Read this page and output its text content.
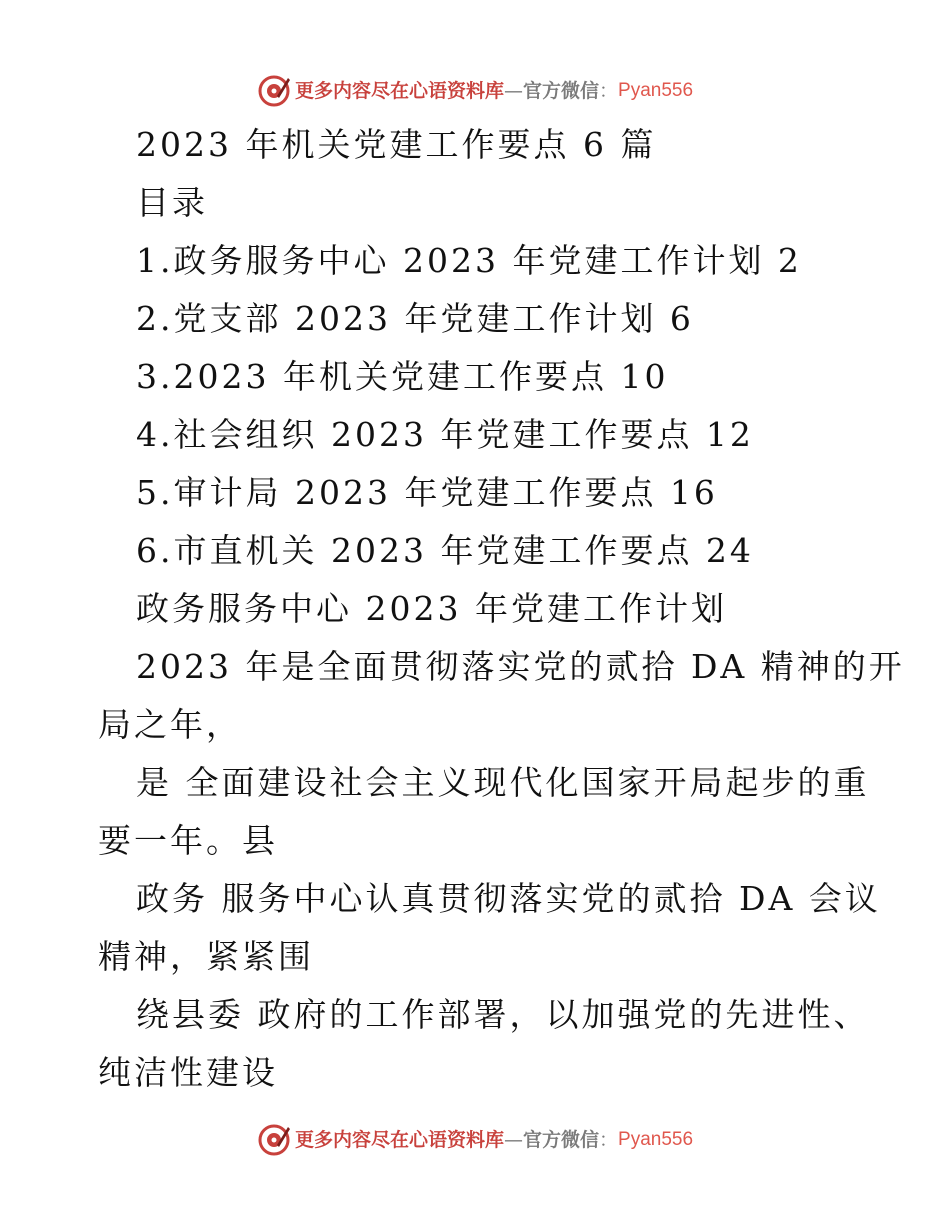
更多内容尽在心语资料库 — 官方微信 ： Pyan556
2023 年机关党建工作要点 6 篇
目录
1.政务服务中心 2023 年党建工作计划 2
2.党支部 2023 年党建工作计划 6
3.2023 年机关党建工作要点 10
4.社会组织 2023 年党建工作要点 12
5.审计局 2023 年党建工作要点 16
6.市直机关 2023 年党建工作要点 24
政务服务中心 2023 年党建工作计划
2023 年是全面贯彻落实党的贰拾 DA 精神的开
局之年，
是 全面建设社会主义现代化国家开局起步的重
要一年。县
政务 服务中心认真贯彻落实党的贰拾 DA 会议
精神，紧紧围
绕县委 政府的工作部署，以加强党的先进性、
纯洁性建设
更多内容尽在心语资料库 — 官方微信 ： Pyan556
